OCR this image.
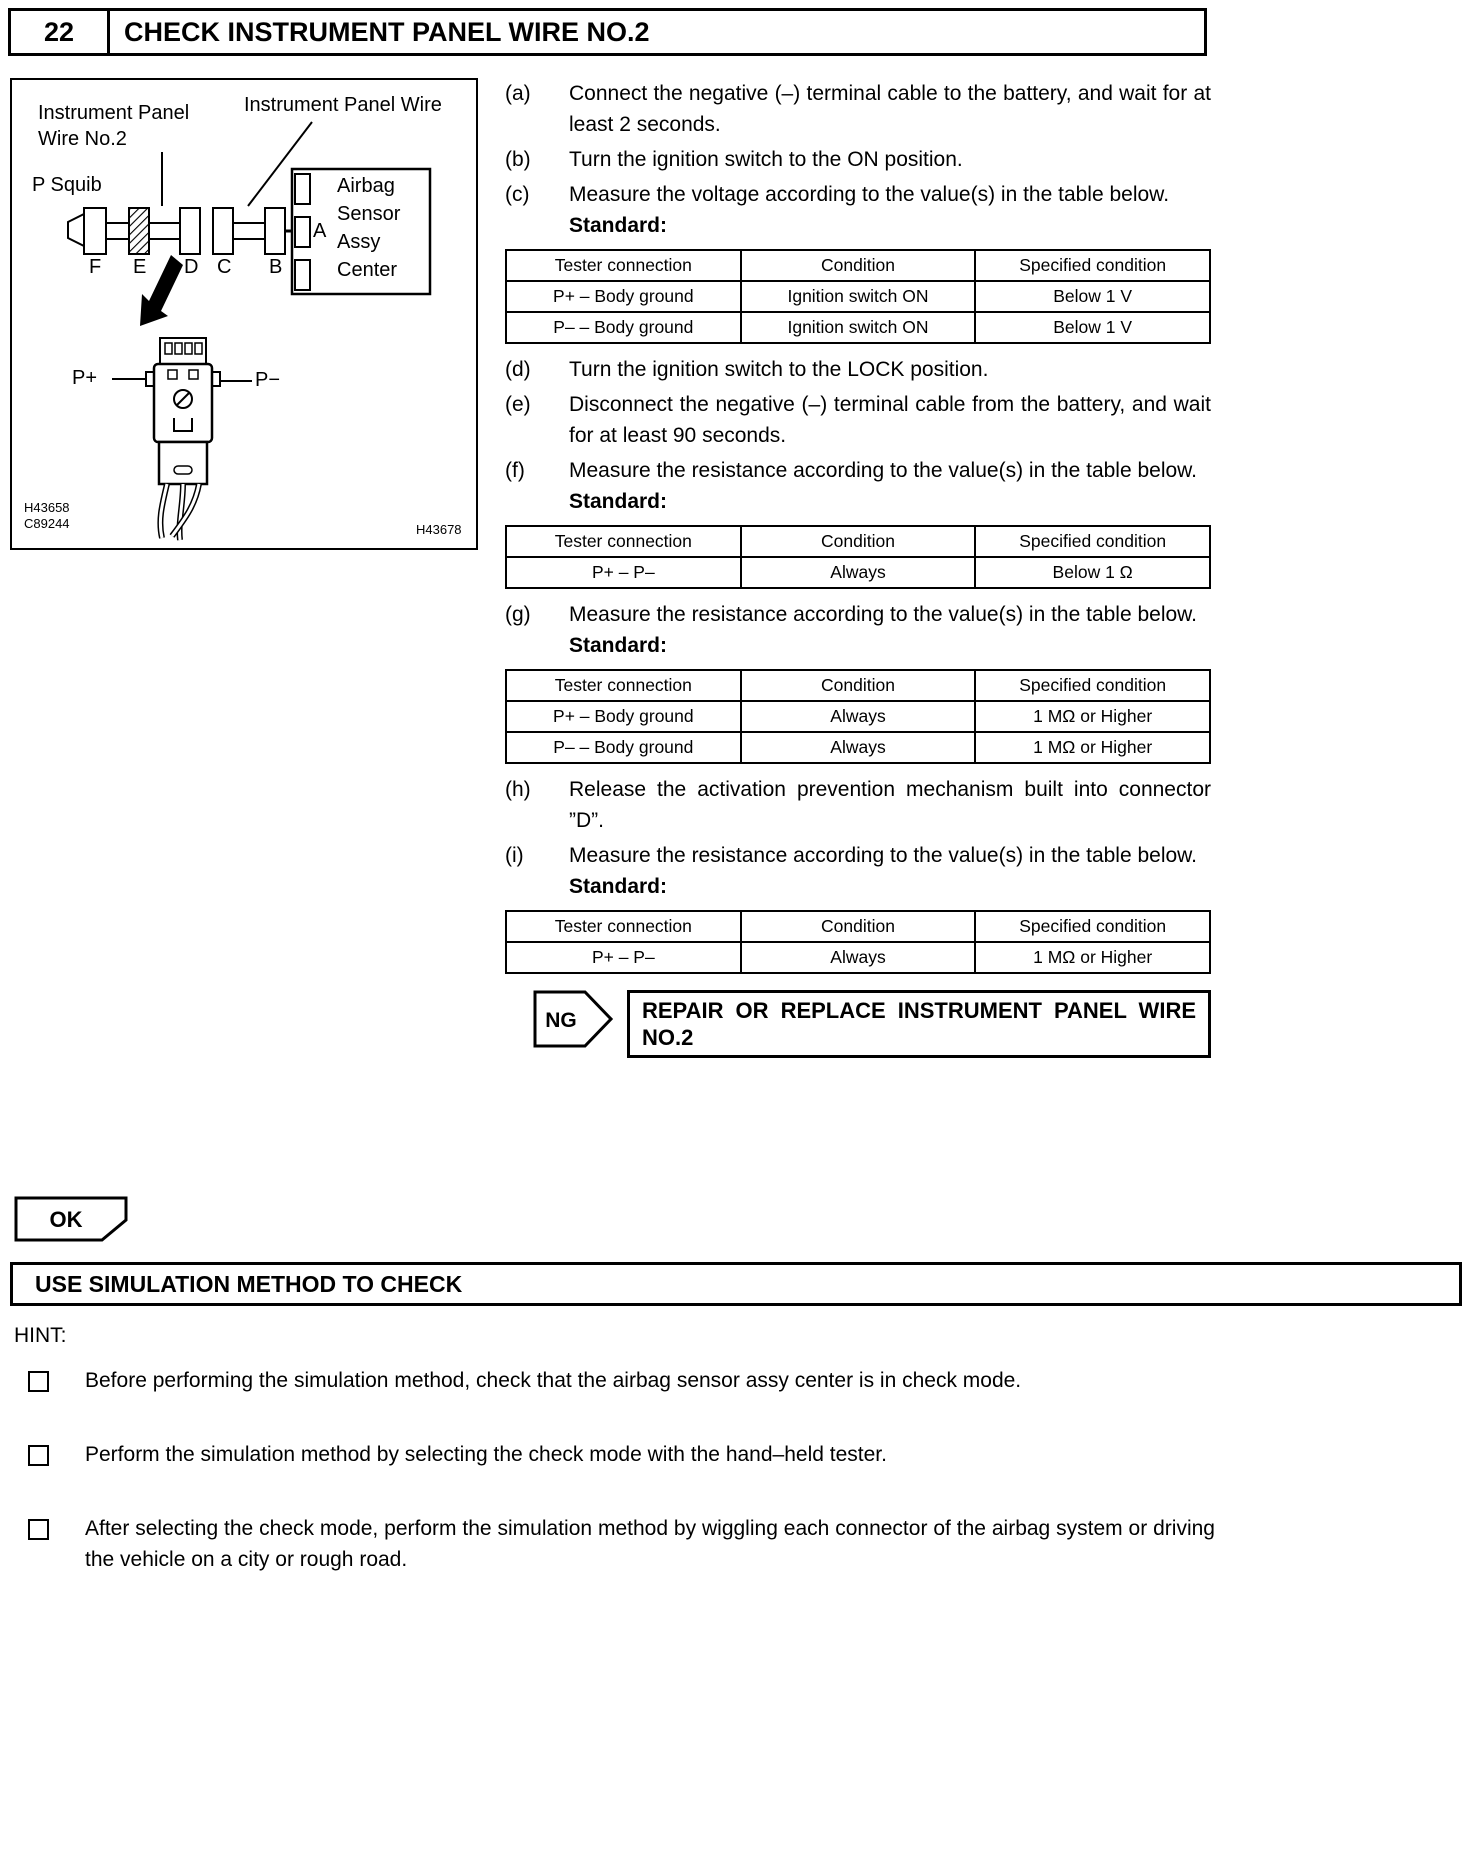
22	CHECK INSTRUMENT PANEL WIRE NO.2
Instrument Panel
Wire No.2
Instrument Panel Wire
P Squib	Airbag
Sensor
Assy
Center
F E D C B
A
P+	P−
H43658
C89244	H43678
(a)	Connect the negative (–) terminal cable to the battery, and wait for at least 2 seconds.
(b)	Turn the ignition switch to the ON position.
(c)	Measure the voltage according to the value(s) in the table below.
Standard:
Tester connection	Condition	Specified condition
P+ – Body ground	Ignition switch ON	Below 1 V
P– – Body ground	Ignition switch ON	Below 1 V
(d)	Turn the ignition switch to the LOCK position.
(e)	Disconnect the negative (–) terminal cable from the battery, and wait for at least 90 seconds.
(f)	Measure the resistance according to the value(s) in the table below.
Standard:
Tester connection	Condition	Specified condition
P+ – P–	Always	Below 1 Ω
(g)	Measure the resistance according to the value(s) in the table below.
Standard:
Tester connection	Condition	Specified condition
P+ – Body ground	Always	1 MΩ or Higher
P– – Body ground	Always	1 MΩ or Higher
(h)	Release the activation prevention mechanism built into connector ”D”.
(i)	Measure the resistance according to the value(s) in the table below.
Standard:
Tester connection	Condition	Specified condition
P+ – P–	Always	1 MΩ or Higher
NG	REPAIR OR REPLACE INSTRUMENT PANEL WIRE NO.2
OK
USE SIMULATION METHOD TO CHECK
HINT:
Before performing the simulation method, check that the airbag sensor assy center is in check mode.
Perform the simulation method by selecting the check mode with the hand–held tester.
After selecting the check mode, perform the simulation method by wiggling each connector of the airbag system or driving the vehicle on a city or rough road.
